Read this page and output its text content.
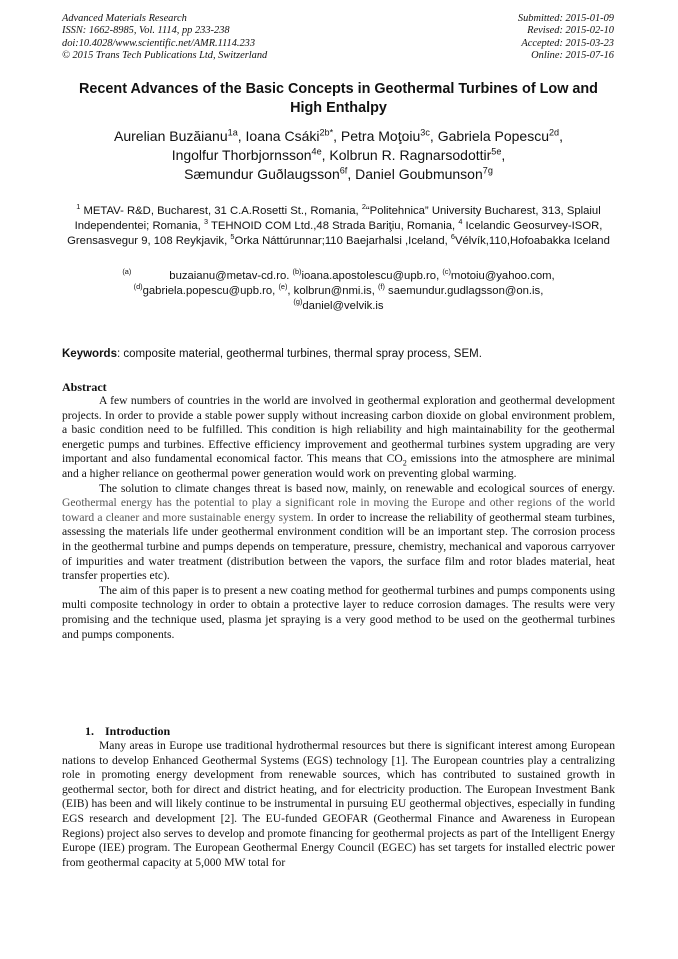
Advanced Materials Research
ISSN: 1662-8985, Vol. 1114, pp 233-238
doi:10.4028/www.scientific.net/AMR.1114.233
© 2015 Trans Tech Publications Ltd, Switzerland
Submitted: 2015-01-09
Revised: 2015-02-10
Accepted: 2015-03-23
Online: 2015-07-16
Recent Advances of the Basic Concepts in Geothermal Turbines of Low and High Enthalpy
Aurelian Buzăianu$^{1a}$, Ioana Csáki$^{2b*}$, Petra Moţoiu$^{3c}$, Gabriela Popescu$^{2d}$,
Ingolfur Thorbjornsson$^{4e}$, Kolbrun R. Ragnarsodottir$^{5e}$,
Sæmundur Guðlaugsson$^{6f}$, Daniel Goubmunson$^{7g}$
$^1$ METAV- R&D, Bucharest, 31 C.A.Rosetti St., Romania, $^2$“Politehnica” University Bucharest, 313, Splaiul Independentei; Romania, $^3$ TEHNOID COM Ltd.,48 Strada Bariţiu, Romania, $^4$ Icelandic Geosurvey-ISOR, Grensasvegur 9, 108 Reykjavik, $^5$Orka Náttúrunnar;110 Baejarhalsi ,Iceland, $^6$Vélvík,110,Hofoabakka Iceland
$^{(a)}$	buzaianu@metav-cd.ro. $^{(b)}$ioana.apostolescu@upb.ro, $^{(c)}$motoiu@yahoo.com,
$^{(d)}$gabriela.popescu@upb.ro, $^{(e)}$, kolbrun@nmi.is, $^{(f)}$ saemundur.gudlagsson@on.is,
$^{(g)}$daniel@velvik.is
Keywords: composite material, geothermal turbines, thermal spray process, SEM.
Abstract

A few numbers of countries in the world are involved in geothermal exploration and geothermal development projects. In order to provide a stable power supply without increasing carbon dioxide on global environment problem, a basic condition need to be fulfilled. This condition is high reliability and high maintainability for the geothermal energetic pumps and turbines. Effective efficiency improvement and geothermal turbines system upgrading are very important and also fundamental economical factor. This means that $CO_2$ emissions into the atmosphere are minimal and a higher reliance on geothermal power generation would work on preventing global warming.

The solution to climate changes threat is based now, mainly, on renewable and ecological sources of energy. Geothermal energy has the potential to play a significant role in moving the Europe and other regions of the world toward a cleaner and more sustainable energy system. In order to increase the reliability of geothermal steam turbines, assessing the materials life under geothermal environment condition will be an important step. The corrosion process in the geothermal turbine and pumps depends on temperature, pressure, chemistry, mechanical and vaporous carryover of impurities and water treatment (distribution between the vapors, the surface film and rotor blades material, heat transfer properties etc).

The aim of this paper is to present a new coating method for geothermal turbines and pumps components using multi composite technology in order to obtain a protective layer to reduce corrosion damages. The results were very promising and the technique used, plasma jet spraying is a very good method to be used on the geothermal turbines and pumps components.

1. Introduction

Many areas in Europe use traditional hydrothermal resources but there is significant interest among European nations to develop Enhanced Geothermal Systems (EGS) technology [1]. The European countries play a centralizing role in promoting energy development from renewable sources, which has contributed to sustained growth in geothermal sector, both for direct and district heating, and for electricity production. The European Investment Bank (EIB) has been and will likely continue to be instrumental in pursuing EU geothermal objectives, especially in funding EGS research and development [2]. The EU-funded GEOFAR (Geothermal Finance and Awareness in European Regions) project also serves to develop and promote financing for geothermal projects as part of the Intelligent Energy Europe (IEE) program. The European Geothermal Energy Council (EGEC) has set targets for installed electric power from geothermal capacity at 5,000 MW total for
